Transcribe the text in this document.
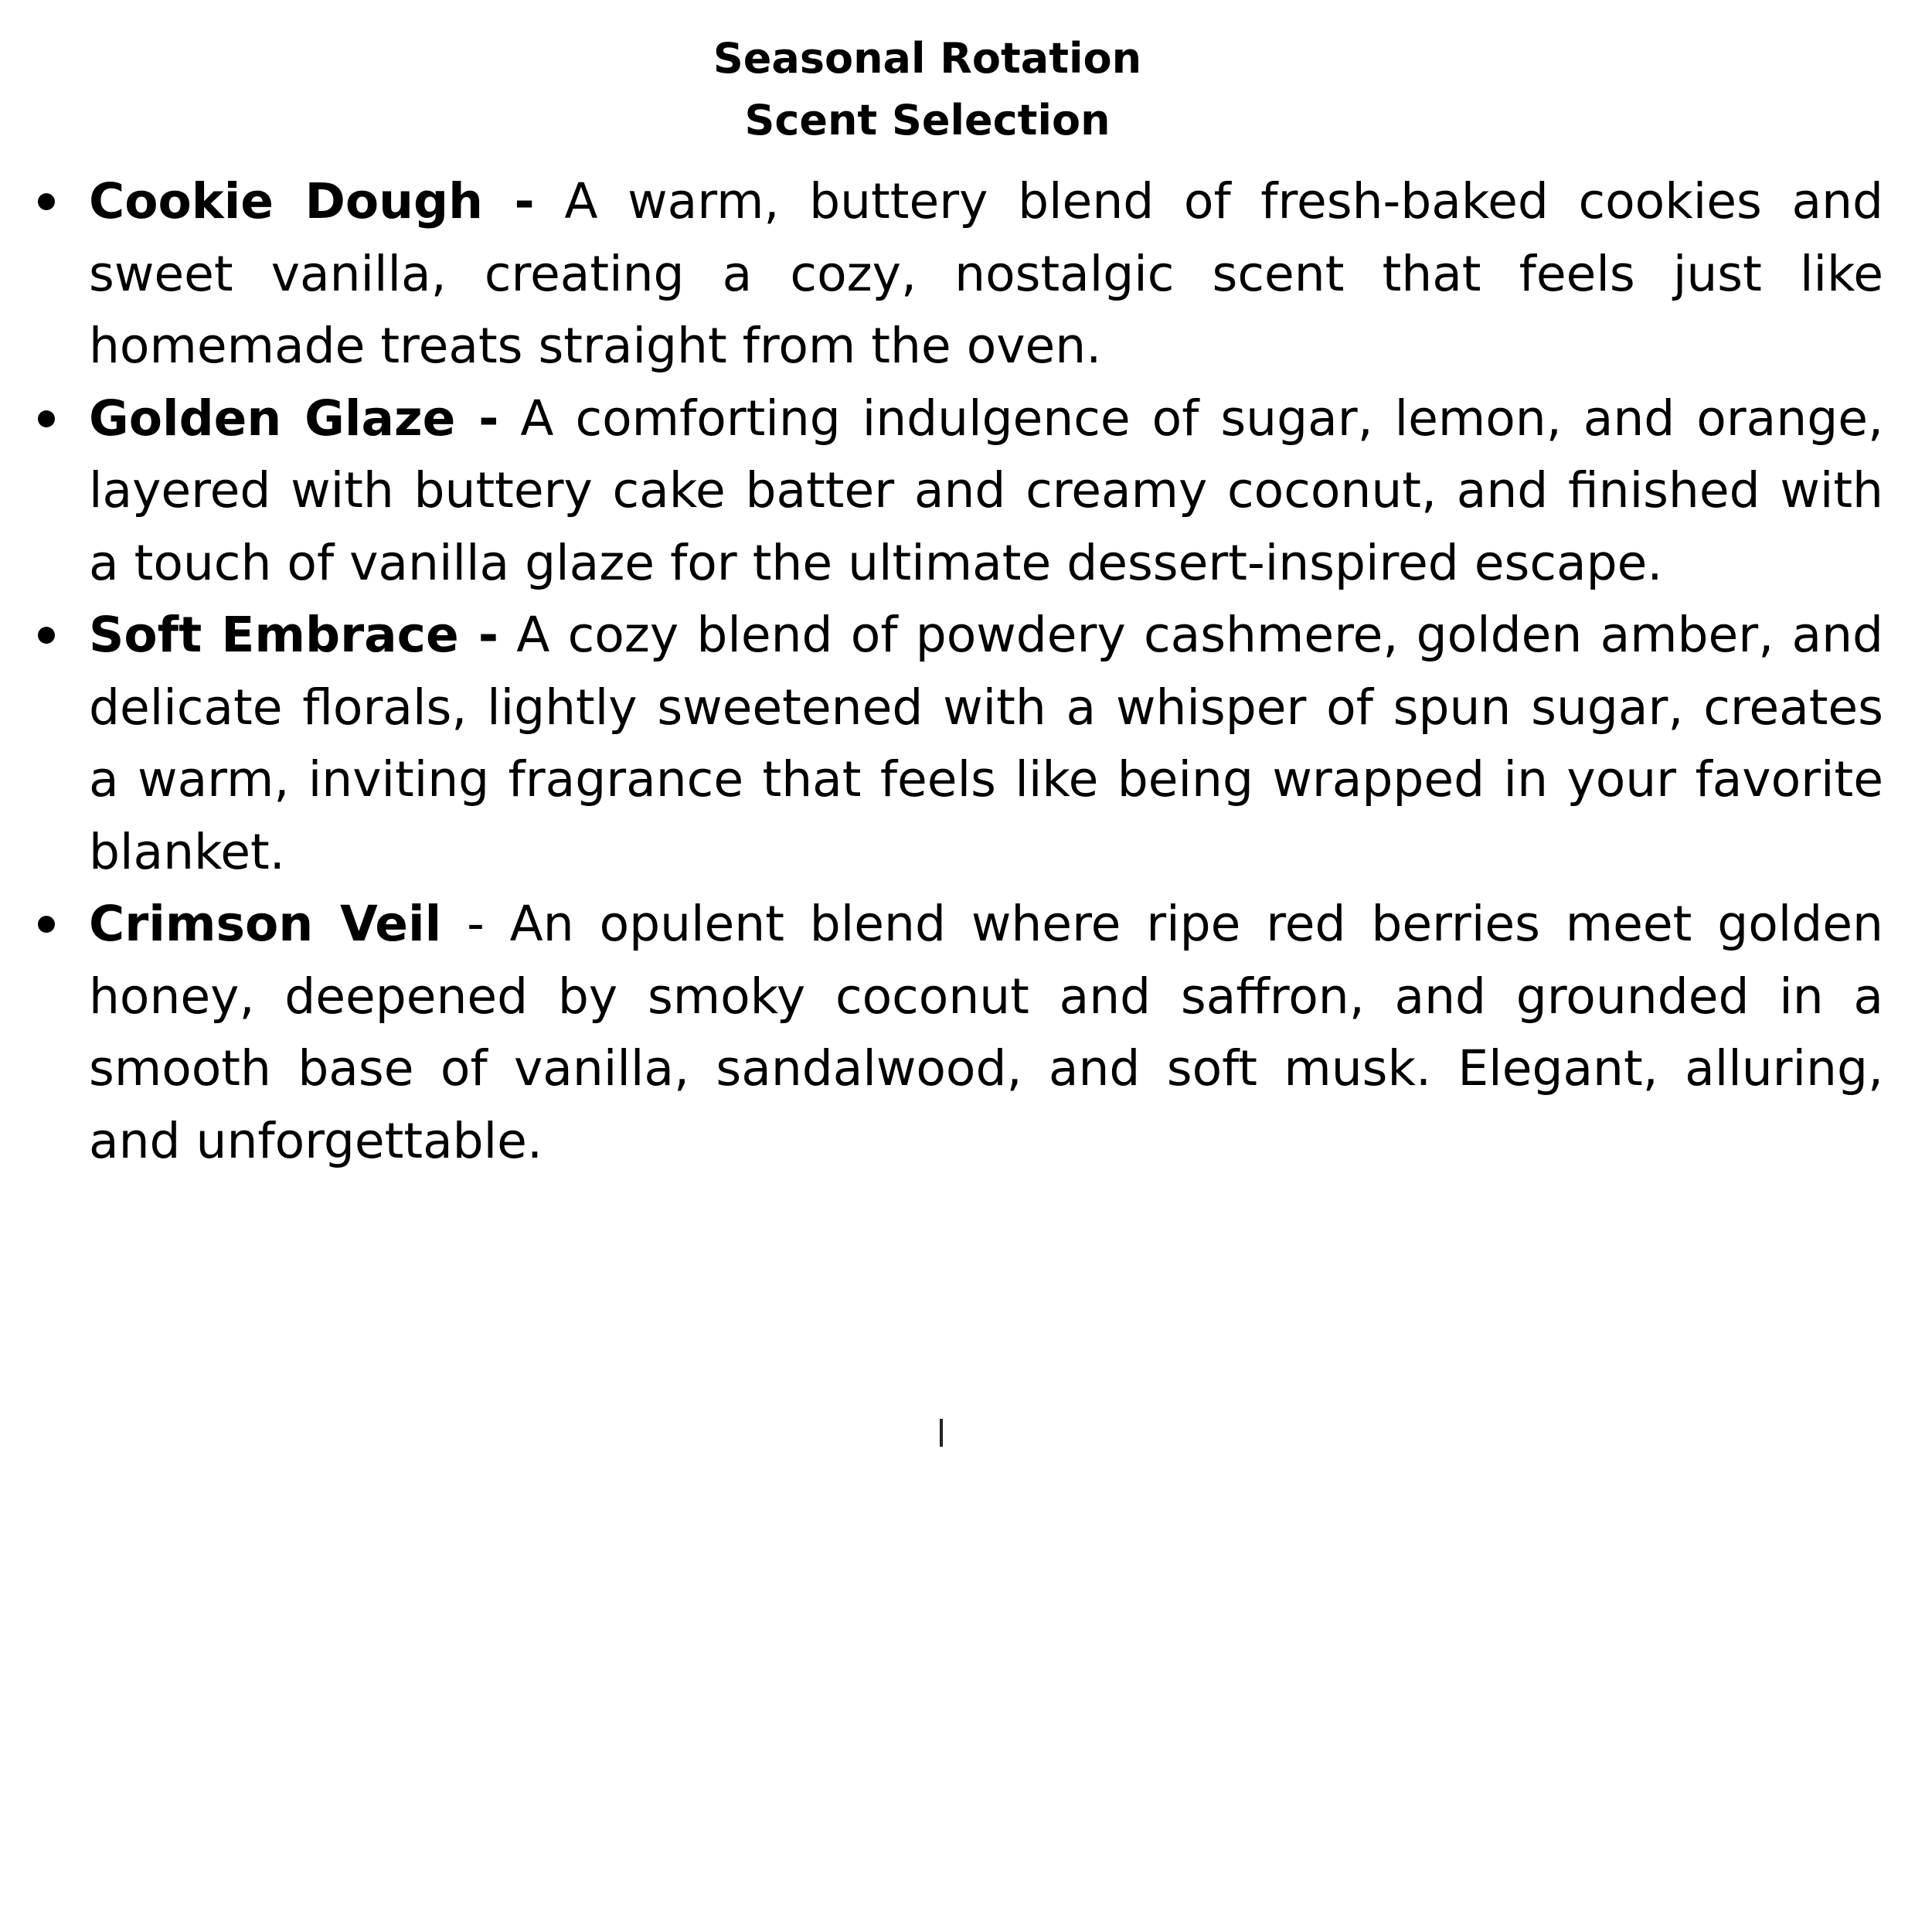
Seasonal Rotation
Scent Selection
Cookie Dough - A warm, buttery blend of fresh-baked cookies and sweet vanilla, creating a cozy, nostalgic scent that feels just like homemade treats straight from the oven.
Golden Glaze - A comforting indulgence of sugar, lemon, and orange, layered with buttery cake batter and creamy coconut, and finished with a touch of vanilla glaze for the ultimate dessert-inspired escape.
Soft Embrace - A cozy blend of powdery cashmere, golden amber, and delicate florals, lightly sweetened with a whisper of spun sugar, creates a warm, inviting fragrance that feels like being wrapped in your favorite blanket.
Crimson Veil - An opulent blend where ripe red berries meet golden honey, deepened by smoky coconut and saffron, and grounded in a smooth base of vanilla, sandalwood, and soft musk. Elegant, alluring, and unforgettable.
